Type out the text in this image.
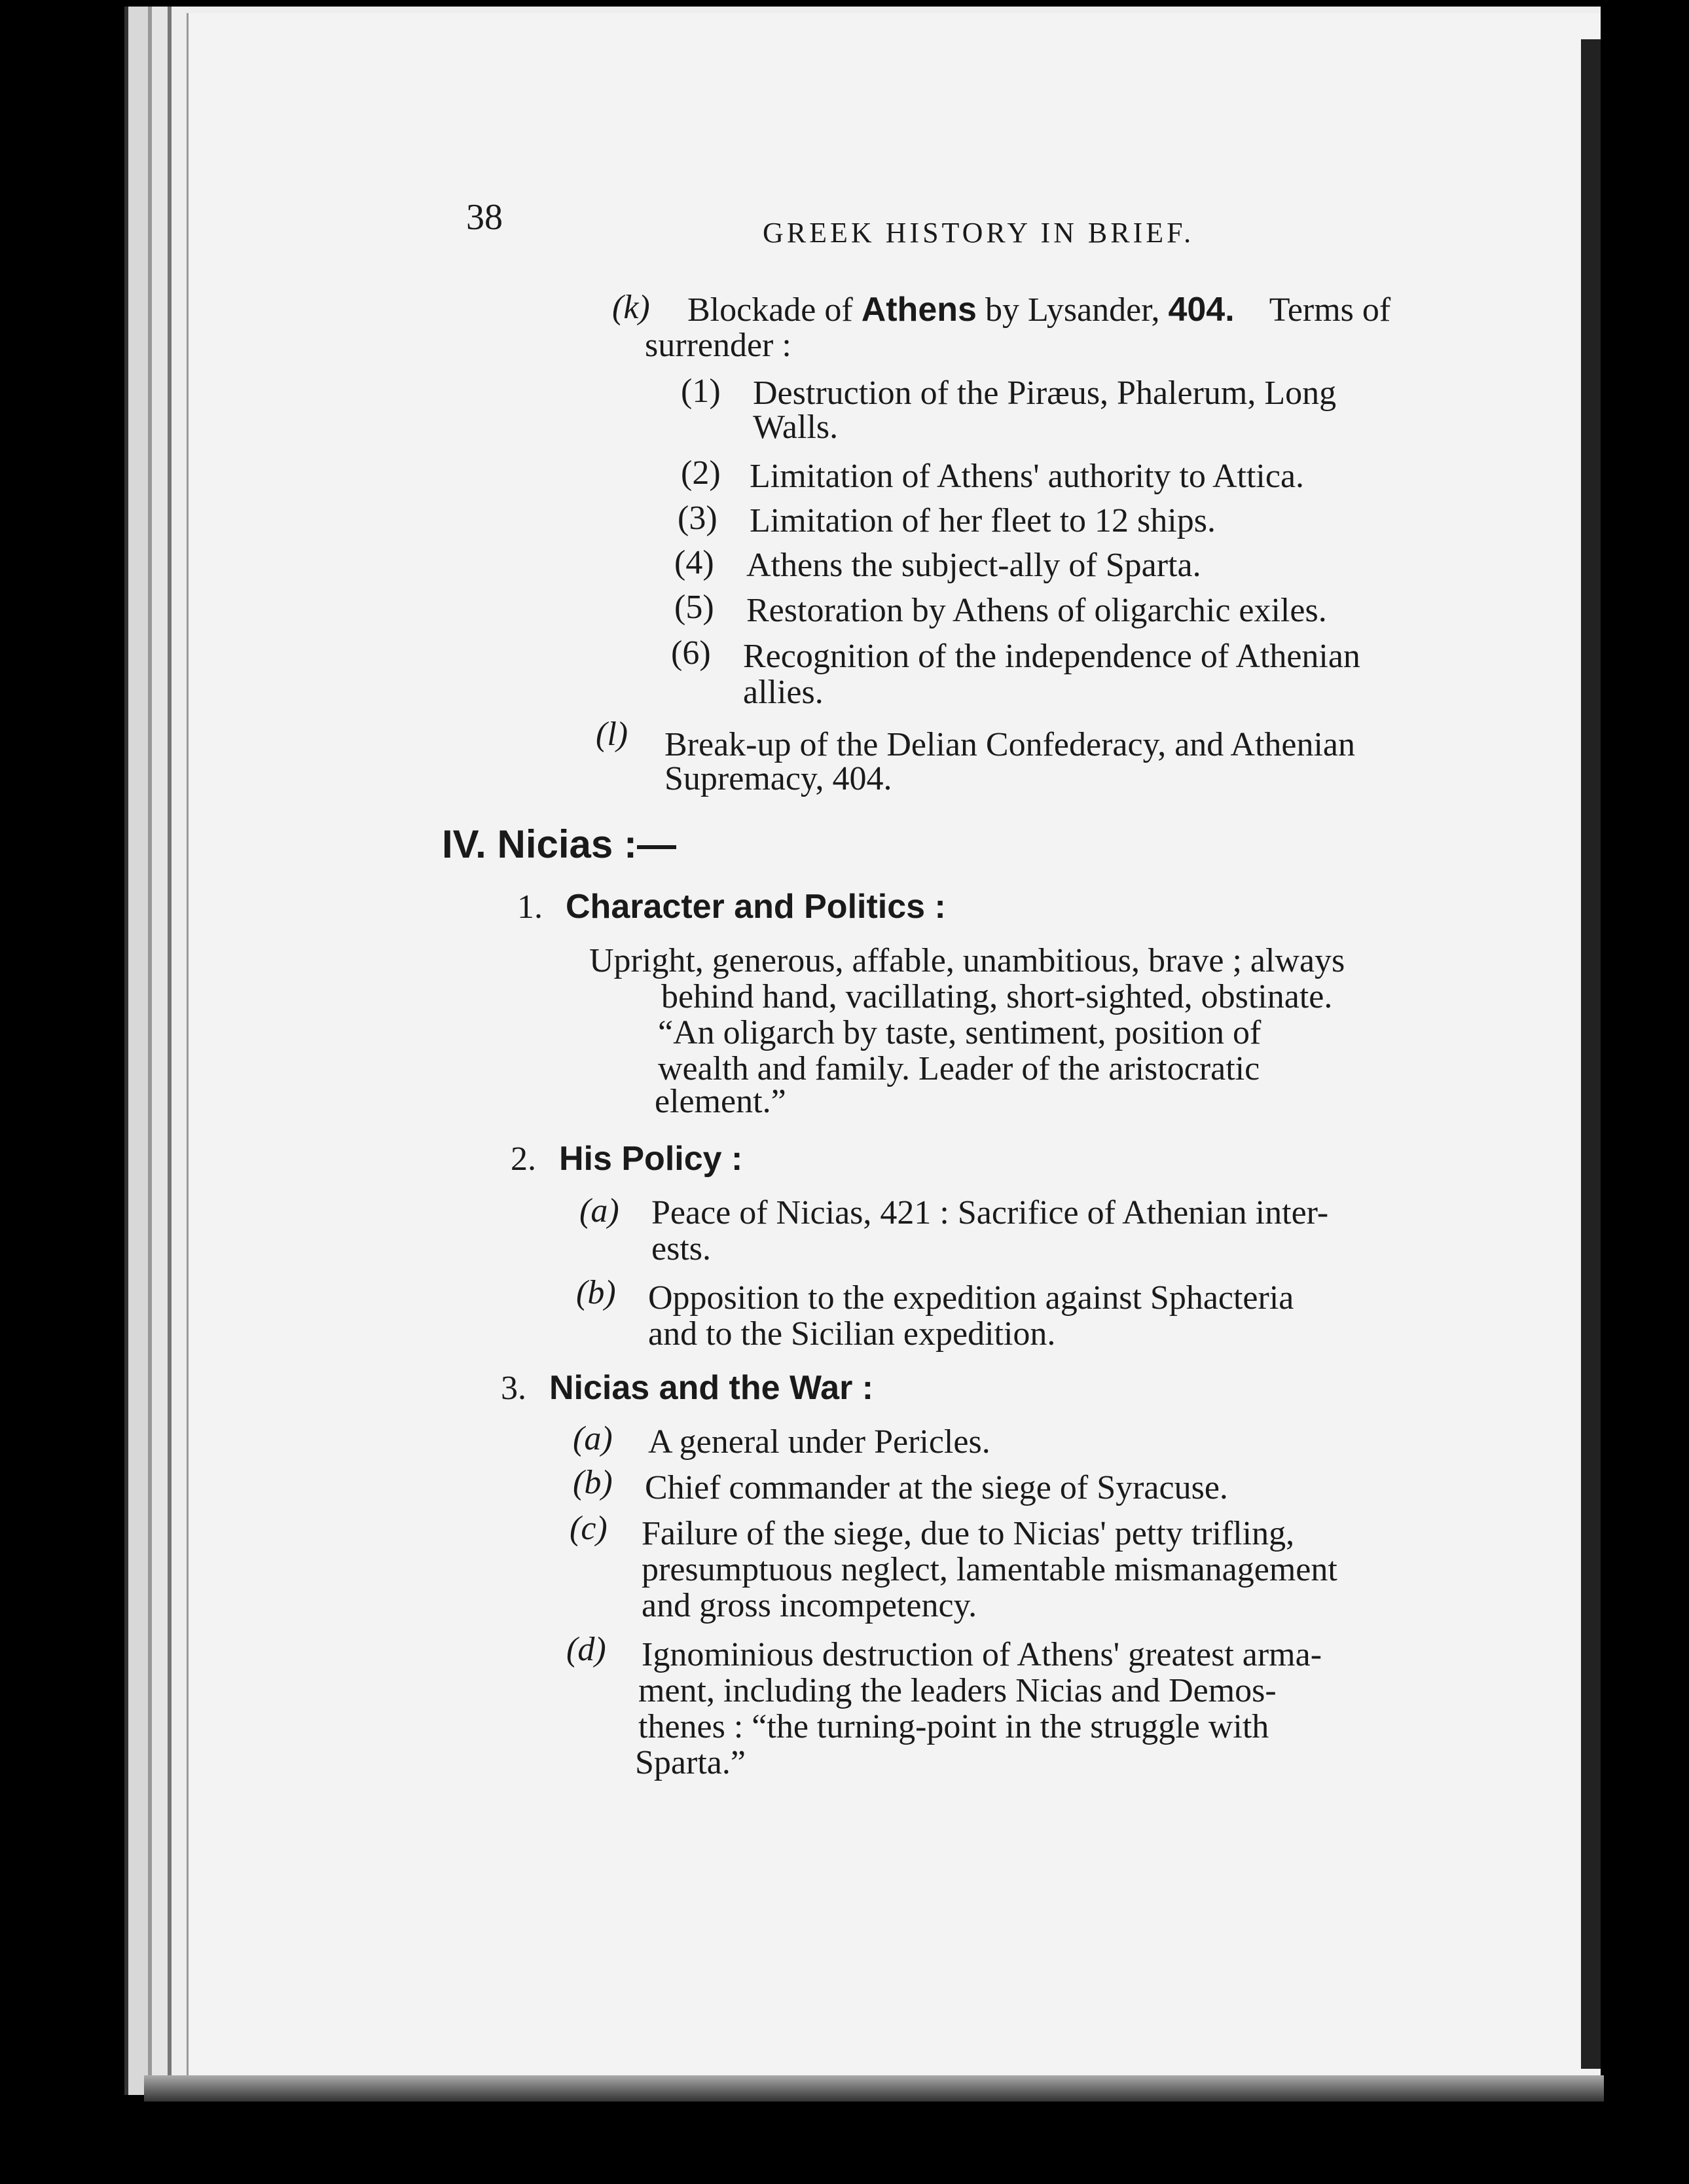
38	GREEK HISTORY IN BRIEF.
(k) Blockade of Athens by Lysander, 404. Terms of
surrender :
(1) Destruction of the Piræus, Phalerum, Long
Walls.
(2) Limitation of Athens' authority to Attica.
(3) Limitation of her fleet to 12 ships.
(4) Athens the subject-ally of Sparta.
(5) Restoration by Athens of oligarchic exiles.
(6) Recognition of the independence of Athenian
allies.
(l) Break-up of the Delian Confederacy, and Athenian
Supremacy, 404.
IV. Nicias :—
1. Character and Politics :
Upright, generous, affable, unambitious, brave ; always
behind hand, vacillating, short-sighted, obstinate.
“An oligarch by taste, sentiment, position of
wealth and family. Leader of the aristocratic
element.”
2. His Policy :
(a) Peace of Nicias, 421 : Sacrifice of Athenian inter-
ests.
(b) Opposition to the expedition against Sphacteria
and to the Sicilian expedition.
3. Nicias and the War :
(a) A general under Pericles.
(b) Chief commander at the siege of Syracuse.
(c) Failure of the siege, due to Nicias' petty trifling,
presumptuous neglect, lamentable mismanagement
and gross incompetency.
(d) Ignominious destruction of Athens' greatest arma-
ment, including the leaders Nicias and Demos-
thenes : “the turning-point in the struggle with
Sparta.”
